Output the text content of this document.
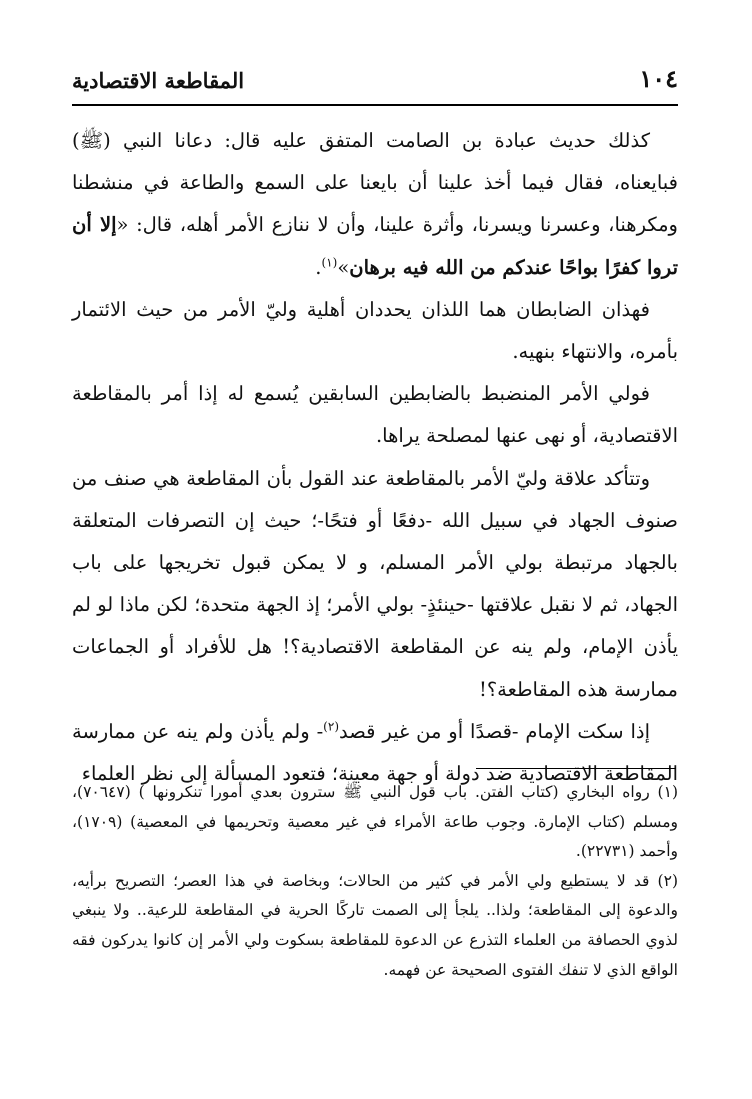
١٠٤
المقاطعة الاقتصادية

كذلك حديث عبادة بن الصامت المتفق عليه قال: دعانا النبي (ﷺ) فبايعناه، فقال فيما أخذ علينا أن بايعنا على السمع والطاعة في منشطنا ومكرهنا، وعسرنا ويسرنا، وأثرة علينا، وأن لا ننازع الأمر أهله، قال: «إلا أن تروا كفرًا بواحًا عندكم من الله فيه برهان»$^{(١)}$.

فهذان الضابطان هما اللذان يحددان أهلية وليّ الأمر من حيث الائتمار بأمره، والانتهاء بنهيه.

فولي الأمر المنضبط بالضابطين السابقين يُسمع له إذا أمر بالمقاطعة الاقتصادية، أو نهى عنها لمصلحة يراها.

وتتأكد علاقة وليّ الأمر بالمقاطعة عند القول بأن المقاطعة هي صنف من صنوف الجهاد في سبيل الله -دفعًا أو فتحًا-؛ حيث إن التصرفات المتعلقة بالجهاد مرتبطة بولي الأمر المسلم، و لا يمكن قبول تخريجها على باب الجهاد، ثم لا نقبل علاقتها -حينئذٍ- بولي الأمر؛ إذ الجهة متحدة؛ لكن ماذا لو لم يأذن الإمام، ولم ينه عن المقاطعة الاقتصادية؟! هل للأفراد أو الجماعات ممارسة هذه المقاطعة؟!

إذا سكت الإمام -قصدًا أو من غير قصد$^{(٢)}$- ولم يأذن ولم ينه عن ممارسة المقاطعة الاقتصادية ضد دولة أو جهة معينة؛ فتعود المسألة إلى نظر العلماء

(١) رواه البخاري (كتاب الفتن. باب قول النبي ﷺ سترون بعدي أمورا تنكرونها ) (٧٠٦٤٧)، ومسلم (كتاب الإمارة. وجوب طاعة الأمراء في غير معصية وتحريمها في المعصية) (١٧٠٩)، وأحمد (٢٢٧٣١).

(٢) قد لا يستطيع ولي الأمر في كثير من الحالات؛ وبخاصة في هذا العصر؛ التصريح برأيه، والدعوة إلى المقاطعة؛ ولذا.. يلجأ إلى الصمت تاركًا الحرية في المقاطعة للرعية.. ولا ينبغي لذوي الحصافة من العلماء التذرع عن الدعوة للمقاطعة بسكوت ولي الأمر إن كانوا يدركون فقه الواقع الذي لا تنفك الفتوى الصحيحة عن فهمه.
